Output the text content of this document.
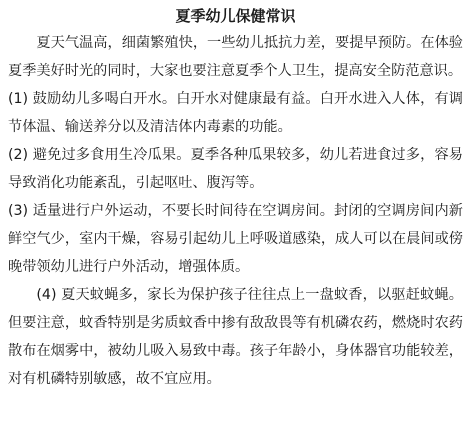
夏季幼儿保健常识

夏天气温高，细菌繁殖快，一些幼儿抵抗力差，要提早预防。在体验夏季美好时光的同时，大家也要注意夏季个人卫生，提高安全防范意识。

(1) 鼓励幼儿多喝白开水。白开水对健康最有益。白开水进入人体，有调节体温、输送养分以及清洁体内毒素的功能。

(2) 避免过多食用生冷瓜果。夏季各种瓜果较多，幼儿若进食过多，容易导致消化功能紊乱，引起呕吐、腹泻等。

(3) 适量进行户外运动，不要长时间待在空调房间。封闭的空调房间内新鲜空气少，室内干燥，容易引起幼儿上呼吸道感染，成人可以在晨间或傍晚带领幼儿进行户外活动，增强体质。

(4) 夏天蚊蝇多，家长为保护孩子往往点上一盘蚊香，以驱赶蚊蝇。但要注意，蚊香特别是劣质蚊香中掺有敌敌畏等有机磷农药，燃烧时农药散布在烟雾中，被幼儿吸入易致中毒。孩子年龄小，身体器官功能较差，对有机磷特别敏感，故不宜应用。
